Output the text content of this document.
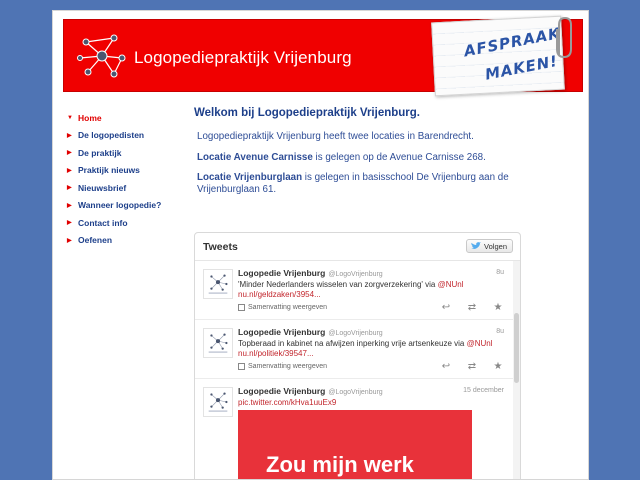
Logopediepraktijk Vrijenburg	AFSPRAAK
MAKEN!
▼ Home
▶ De logopedisten
▶ De praktijk
▶ Praktijk nieuws
▶ Nieuwsbrief
▶ Wanneer logopedie?
▶ Contact info
▶ Oefenen
Welkom bij Logopediepraktijk Vrijenburg.

Logopediepraktijk Vrijenburg heeft twee locaties in Barendrecht.

Locatie Avenue Carnisse is gelegen op de Avenue Carnisse 268.

Locatie Vrijenburglaan is gelegen in basisschool De Vrijenburg aan de Vrijenburglaan 61.

Tweets	Volgen
Logopedie Vrijenburg @LogoVrijenburg	8u
'Minder Nederlanders wisselen van zorgverzekering' via @NUnl nu.nl/geldzaken/3954...
Samenvatting weergeven	↩ ⇄ ★
Logopedie Vrijenburg @LogoVrijenburg	8u
Topberaad in kabinet na afwijzen inperking vrije artsenkeuze via @NUnl nu.nl/politiek/39547...
Samenvatting weergeven	↩ ⇄ ★
Logopedie Vrijenburg @LogoVrijenburg	15 december
pic.twitter.com/kHva1uuEx9
Zou mijn werk
